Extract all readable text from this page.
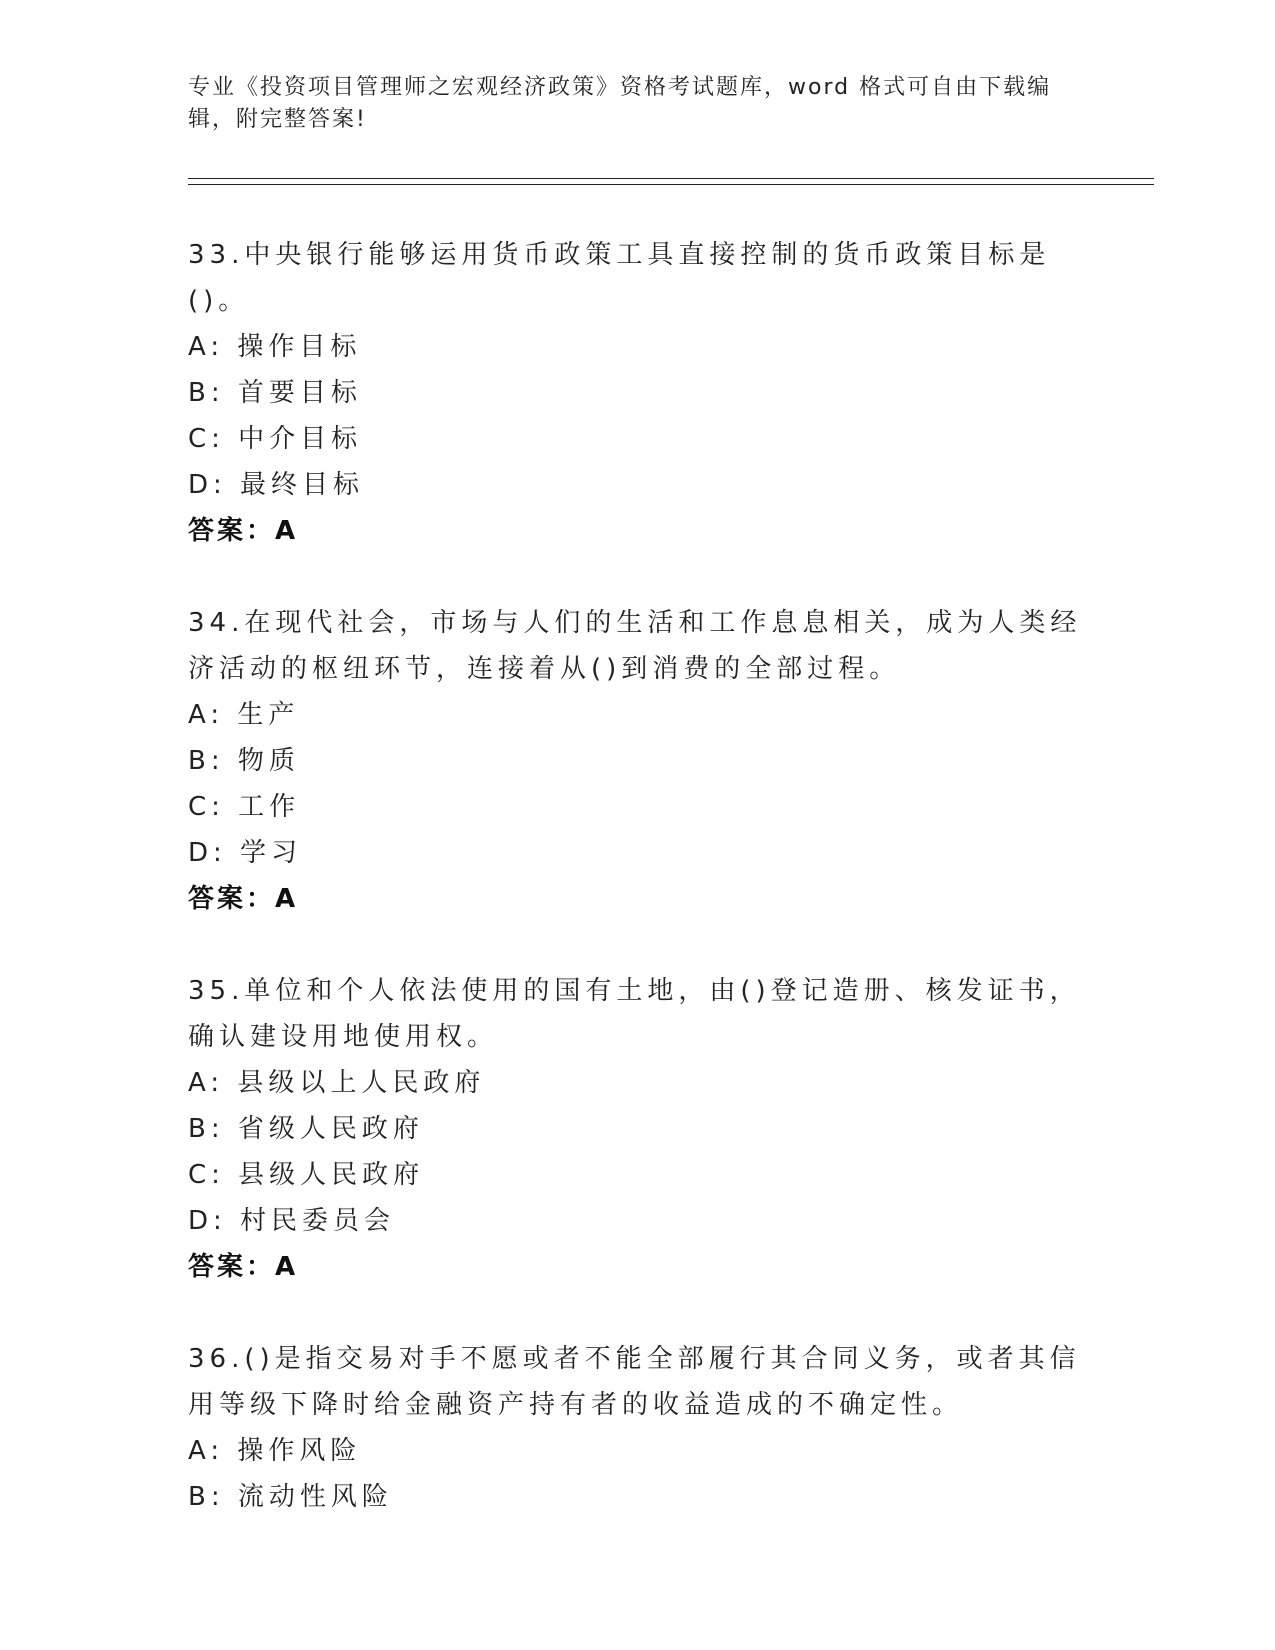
专业《投资项目管理师之宏观经济政策》资格考试题库，word 格式可自由下载编
辑，附完整答案!
33.中央银行能够运用货币政策工具直接控制的货币政策目标是()。
A: 操作目标
B: 首要目标
C: 中介目标
D: 最终目标
答案：A
34.在现代社会，市场与人们的生活和工作息息相关，成为人类经济活动的枢纽环节，连接着从()到消费的全部过程。
A: 生产
B: 物质
C: 工作
D: 学习
答案：A
35.单位和个人依法使用的国有土地，由()登记造册、核发证书，确认建设用地使用权。
A: 县级以上人民政府
B: 省级人民政府
C: 县级人民政府
D: 村民委员会
答案：A
36.()是指交易对手不愿或者不能全部履行其合同义务，或者其信用等级下降时给金融资产持有者的收益造成的不确定性。
A: 操作风险
B: 流动性风险
